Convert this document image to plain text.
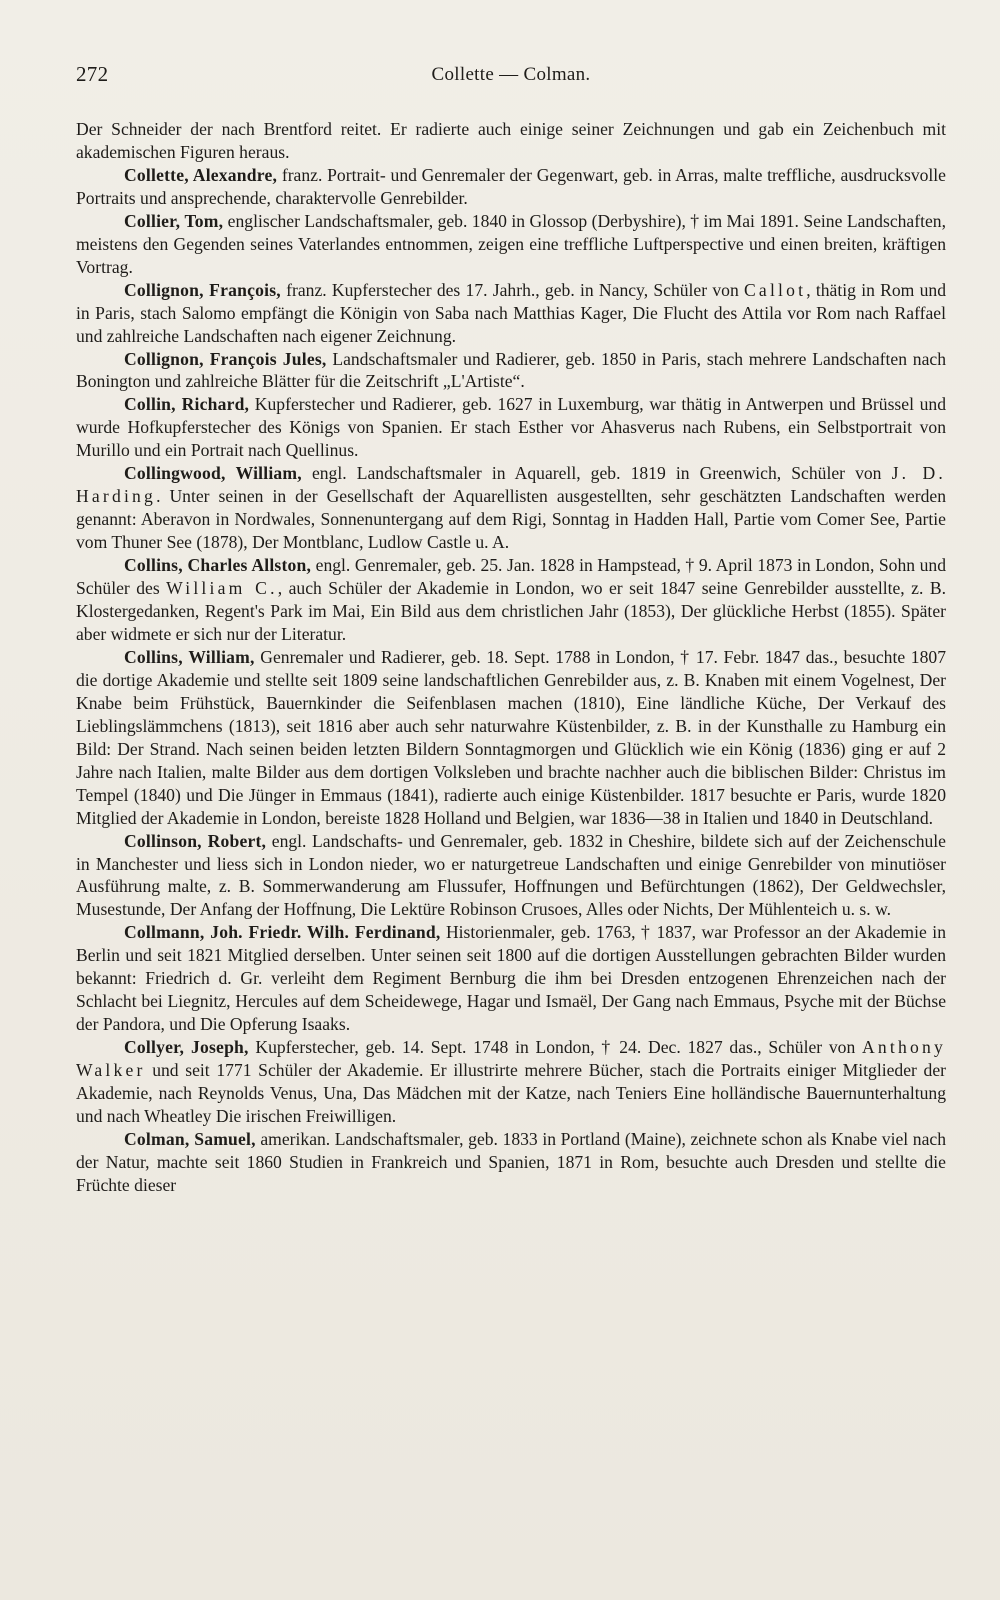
272	Collette — Colman.

Der Schneider der nach Brentford reitet. Er radierte auch einige seiner Zeichnungen und gab ein Zeichenbuch mit akademischen Figuren heraus.

Collette, Alexandre, franz. Portrait- und Genremaler der Gegenwart, geb. in Arras, malte treffliche, ausdrucksvolle Portraits und ansprechende, charaktervolle Genrebilder.

Collier, Tom, englischer Landschaftsmaler, geb. 1840 in Glossop (Derbyshire), † im Mai 1891. Seine Landschaften, meistens den Gegenden seines Vaterlandes entnommen, zeigen eine treffliche Luftperspective und einen breiten, kräftigen Vortrag.

Collignon, François, franz. Kupferstecher des 17. Jahrh., geb. in Nancy, Schüler von Callot, thätig in Rom und in Paris, stach Salomo empfängt die Königin von Saba nach Matthias Kager, Die Flucht des Attila vor Rom nach Raffael und zahlreiche Landschaften nach eigener Zeichnung.

Collignon, François Jules, Landschaftsmaler und Radierer, geb. 1850 in Paris, stach mehrere Landschaften nach Bonington und zahlreiche Blätter für die Zeitschrift „L'Artiste“.

Collin, Richard, Kupferstecher und Radierer, geb. 1627 in Luxemburg, war thätig in Antwerpen und Brüssel und wurde Hofkupferstecher des Königs von Spanien. Er stach Esther vor Ahasverus nach Rubens, ein Selbstportrait von Murillo und ein Portrait nach Quellinus.

Collingwood, William, engl. Landschaftsmaler in Aquarell, geb. 1819 in Greenwich, Schüler von J. D. Harding. Unter seinen in der Gesellschaft der Aquarellisten ausgestellten, sehr geschätzten Landschaften werden genannt: Aberavon in Nordwales, Sonnenuntergang auf dem Rigi, Sonntag in Hadden Hall, Partie vom Comer See, Partie vom Thuner See (1878), Der Montblanc, Ludlow Castle u. A.

Collins, Charles Allston, engl. Genremaler, geb. 25. Jan. 1828 in Hampstead, † 9. April 1873 in London, Sohn und Schüler des William C., auch Schüler der Akademie in London, wo er seit 1847 seine Genrebilder ausstellte, z. B. Klostergedanken, Regent's Park im Mai, Ein Bild aus dem christlichen Jahr (1853), Der glückliche Herbst (1855). Später aber widmete er sich nur der Literatur.

Collins, William, Genremaler und Radierer, geb. 18. Sept. 1788 in London, † 17. Febr. 1847 das., besuchte 1807 die dortige Akademie und stellte seit 1809 seine landschaftlichen Genrebilder aus, z. B. Knaben mit einem Vogelnest, Der Knabe beim Frühstück, Bauernkinder die Seifenblasen machen (1810), Eine ländliche Küche, Der Verkauf des Lieblingslämmchens (1813), seit 1816 aber auch sehr naturwahre Küstenbilder, z. B. in der Kunsthalle zu Hamburg ein Bild: Der Strand. Nach seinen beiden letzten Bildern Sonntagmorgen und Glücklich wie ein König (1836) ging er auf 2 Jahre nach Italien, malte Bilder aus dem dortigen Volksleben und brachte nachher auch die biblischen Bilder: Christus im Tempel (1840) und Die Jünger in Emmaus (1841), radierte auch einige Küstenbilder. 1817 besuchte er Paris, wurde 1820 Mitglied der Akademie in London, bereiste 1828 Holland und Belgien, war 1836—38 in Italien und 1840 in Deutschland.

Collinson, Robert, engl. Landschafts- und Genremaler, geb. 1832 in Cheshire, bildete sich auf der Zeichenschule in Manchester und liess sich in London nieder, wo er naturgetreue Landschaften und einige Genrebilder von minutiöser Ausführung malte, z. B. Sommerwanderung am Flussufer, Hoffnungen und Befürchtungen (1862), Der Geldwechsler, Musestunde, Der Anfang der Hoffnung, Die Lektüre Robinson Crusoes, Alles oder Nichts, Der Mühlenteich u. s. w.

Collmann, Joh. Friedr. Wilh. Ferdinand, Historienmaler, geb. 1763, † 1837, war Professor an der Akademie in Berlin und seit 1821 Mitglied derselben. Unter seinen seit 1800 auf die dortigen Ausstellungen gebrachten Bilder wurden bekannt: Friedrich d. Gr. verleiht dem Regiment Bernburg die ihm bei Dresden entzogenen Ehrenzeichen nach der Schlacht bei Liegnitz, Hercules auf dem Scheidewege, Hagar und Ismaël, Der Gang nach Emmaus, Psyche mit der Büchse der Pandora, und Die Opferung Isaaks.

Collyer, Joseph, Kupferstecher, geb. 14. Sept. 1748 in London, † 24. Dec. 1827 das., Schüler von Anthony Walker und seit 1771 Schüler der Akademie. Er illustrirte mehrere Bücher, stach die Portraits einiger Mitglieder der Akademie, nach Reynolds Venus, Una, Das Mädchen mit der Katze, nach Teniers Eine holländische Bauernunterhaltung und nach Wheatley Die irischen Freiwilligen.

Colman, Samuel, amerikan. Landschaftsmaler, geb. 1833 in Portland (Maine), zeichnete schon als Knabe viel nach der Natur, machte seit 1860 Studien in Frankreich und Spanien, 1871 in Rom, besuchte auch Dresden und stellte die Früchte dieser
